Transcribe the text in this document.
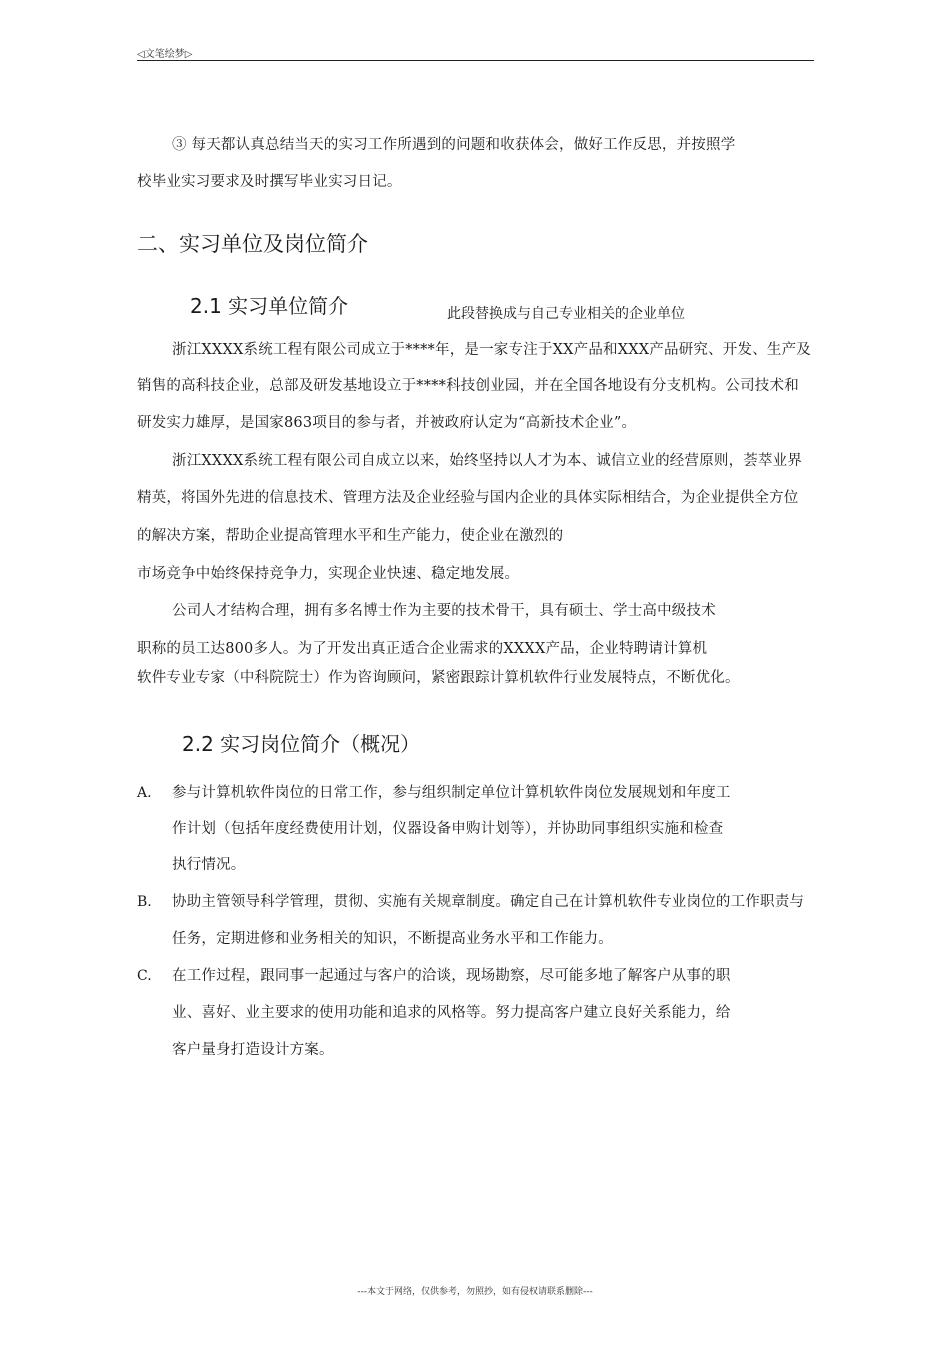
◁文笔绘梦▷
③ 每天都认真总结当天的实习工作所遇到的问题和收获体会，做好工作反思，并按照学
校毕业实习要求及时撰写毕业实习日记。
二、实习单位及岗位简介
2.1 实习单位简介	此段替换成与自己专业相关的企业单位
浙江XXXX系统工程有限公司成立于****年，是一家专注于XX产品和XXX产品研究、开发、生产及
销售的高科技企业，总部及研发基地设立于****科技创业园，并在全国各地设有分支机构。公司技术和
研发实力雄厚，是国家863项目的参与者，并被政府认定为“高新技术企业”。
浙江XXXX系统工程有限公司自成立以来，始终坚持以人才为本、诚信立业的经营原则，荟萃业界
精英，将国外先进的信息技术、管理方法及企业经验与国内企业的具体实际相结合，为企业提供全方位
的解决方案，帮助企业提高管理水平和生产能力，使企业在激烈的
市场竞争中始终保持竞争力，实现企业快速、稳定地发展。
公司人才结构合理，拥有多名博士作为主要的技术骨干，具有硕士、学士高中级技术
职称的员工达800多人。为了开发出真正适合企业需求的XXXX产品，企业特聘请计算机
软件专业专家（中科院院士）作为咨询顾问，紧密跟踪计算机软件行业发展特点，不断优化。
2.2 实习岗位简介（概况）
A. 参与计算机软件岗位的日常工作，参与组织制定单位计算机软件岗位发展规划和年度工
作计划（包括年度经费使用计划，仪器设备申购计划等），并协助同事组织实施和检查
执行情况。
B. 协助主管领导科学管理，贯彻、实施有关规章制度。确定自己在计算机软件专业岗位的工作职责与
任务，定期进修和业务相关的知识，不断提高业务水平和工作能力。
C. 在工作过程，跟同事一起通过与客户的洽谈，现场勘察，尽可能多地了解客户从事的职
业、喜好、业主要求的使用功能和追求的风格等。努力提高客户建立良好关系能力，给
客户量身打造设计方案。
---本文于网络，仅供参考，勿照抄，如有侵权请联系删除---
